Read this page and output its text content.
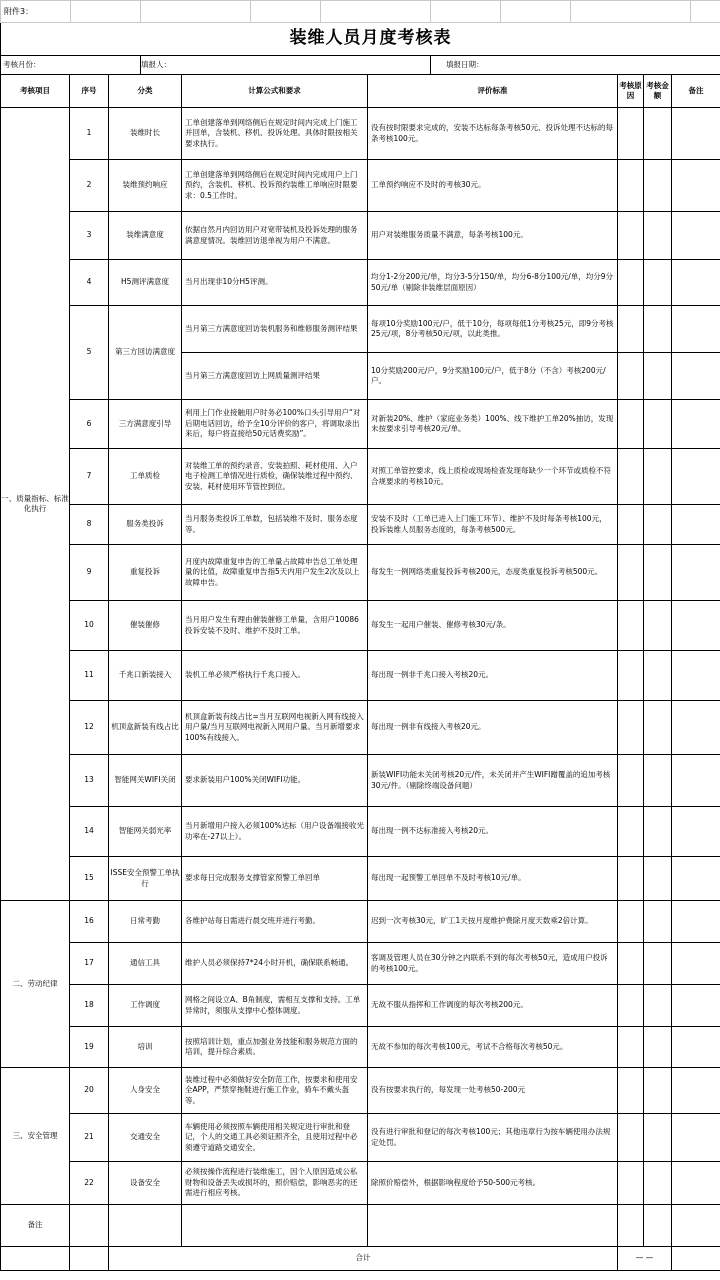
附件3：								
装维人员月度考核表								
考核月份：		填报人：			填报日期：			
考核项目	序号	分类	计算公式和要求	评价标准	考核原因	考核金额	备注
一、质量指标、标准化执行	1	装维时长	工单创建落单到网络侧后在规定时间内完成上门施工并回单，含装机、移机、投诉处理。具体时限按相关要求执行。	没有按时限要求完成的，安装不达标每条考核50元、投诉处理不达标的每条考核100元。			
	2	装维预约响应	工单创建落单到网络侧后在规定时间内完成用户上门预约，含装机、移机、投诉预约装维工单响应时限要求：0.5工作时。	工单预约响应不及时的考核30元。			
	3	装维满意度	依据自然月内回访用户对宽带装机及投诉处理的服务满意度情况。装维回访退单视为用户不满意。	用户对装维服务质量不满意，每条考核100元。			
	4	H5测评满意度	当月出现非10分H5评测。	均分1-2分200元/单，均分3-5分150/单，均分6-8分100元/单，均分9分50元/单（剔除非装维层面原因）			
	5	第三方回访满意度	当月第三方满意度回访装机服务和维修服务测评结果	每项10分奖励100元/户，低于10分，每项每低1分考核25元，即9分考核25元/项，8分考核50元/项，以此类推。			
			当月第三方满意度回访上网质量测评结果	10分奖励200元/户，9分奖励100元/户，低于8分（不含）考核200元/户。			
	6	三方满意度引导	利用上门作业接触用户时务必100%口头引导用户“对后期电话回访，给予全10分评价的客户，将调取录出来后，每户将直接给50元话费奖励”。	对新装20%、维护（家庭业务类）100%、线下维护工单20%抽访，发现未按要求引导考核20元/单。			
	7	工单质检	对装维工单的预约录音、安装拍照、耗材使用、入户电子检测工单情况进行质检，确保装维过程中预约、安装、耗材使用环节管控到位。	对照工单管控要求，线上质检或现场检查发现每缺少一个环节或质检不符合规要求的考核10元。			
	8	服务类投诉	当月服务类投诉工单数，包括装维不及时、服务态度等。	安装不及时（工单已进入上门施工环节）、维护不及时每条考核100元，投诉装维人员服务态度的，每条考核500元。			
	9	重复投诉	月度内故障重复申告的工单量占故障申告总工单处理量的比值，故障重复申告指5天内用户发生2次及以上故障申告。	每发生一例网络类重复投诉考核200元，态度类重复投诉考核500元。			
	10	催装催修	当月用户发生有理由催装催修工单量，含用户10086投诉安装不及时、维护不及时工单。	每发生一起用户催装、催修考核30元/条。			
	11	千兆口新装接入	装机工单必须严格执行千兆口接入。	每出现一例非千兆口接入考核20元。			
	12	机顶盒新装有线占比	机顶盒新装有线占比=当月互联网电视新入网有线接入用户量/当月互联网电视新入网用户量。当月新增要求100%有线接入。	每出现一例非有线接入考核20元。			
	13	智能网关WIFI关闭	要求新装用户100%关闭WIFI功能。	新装WIFI功能未关闭考核20元/件，未关闭并产生WIFI蹭覆盖的追加考核30元/件。（剔除终端设备问题）			
	14	智能网关弱光率	当月新增用户接入必须100%达标（用户设备端接收光功率在-27以上）。	每出现一例不达标准接入考核20元。			
	15	ISSE安全预警工单执行	要求每日完成服务支撑管家预警工单回单	每出现一起预警工单回单不及时考核10元/单。			
二、劳动纪律	16	日常考勤	各维护站每日需进行晨交班并进行考勤。	迟到一次考核30元，旷工1天按月度维护费除月度天数乘2倍计算。			
	17	通信工具	维护人员必须保持7*24小时开机，确保联系畅通。	客调及管理人员在30分钟之内联系不到的每次考核50元，造成用户投诉的考核100元。			
	18	工作调度	网格之间设立A、B角制度，需相互支撑和支持。工单异常时，须服从支撑中心整体调度。	无故不服从指挥和工作调度的每次考核200元。			
	19	培训	按照培训计划，重点加强业务技能和服务规范方面的培训，提升综合素质。	无故不参加的每次考核100元，考试不合格每次考核50元。			
三、安全管理	20	人身安全	装维过程中必须做好安全防范工作，按要求和使用安全APP，严禁穿拖鞋进行施工作业，骑车不戴头盔等。	没有按要求执行的，每发现一处考核50-200元			
	21	交通安全	车辆使用必须按照车辆使用相关规定进行审批和登记，个人的交通工具必须证照齐全，且使用过程中必须遵守道路交通安全。	没有进行审批和登记的每次考核100元；其他违章行为按车辆使用办法规定处罚。			
	22	设备安全	必须按操作流程进行装维施工，因个人原因造成公私财物和设备丢失或损坏的，照价赔偿，影响恶劣的还需进行相应考核。	除照价赔偿外，根据影响程度给予50-500元考核。			
备注							
		合计			— —		
